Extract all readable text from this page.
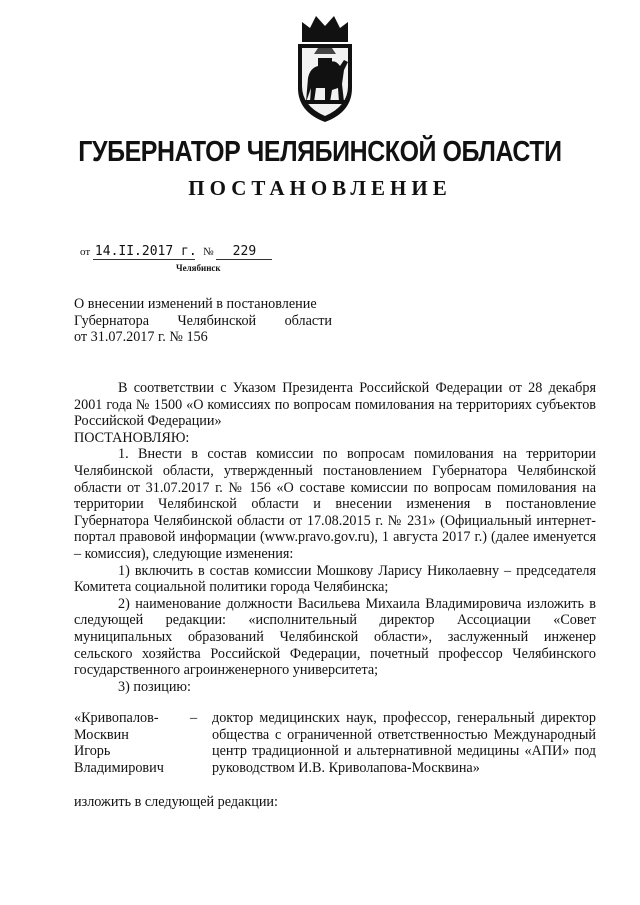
ГУБЕРНАТОР ЧЕЛЯБИНСКОЙ ОБЛАСТИ
ПОСТАНОВЛЕНИЕ
от 14.II.2017 г. № 229
Челябинск
О внесении изменений в постановление
Губернатора Челябинской области
от 31.07.2017 г. № 156

В соответствии с Указом Президента Российской Федерации от 28 декабря 2001 года № 1500 «О комиссиях по вопросам помилования на территориях субъектов Российской Федерации»

ПОСТАНОВЛЯЮ:

1. Внести в состав комиссии по вопросам помилования на территории Челябинской области, утвержденный постановлением Губернатора Челябинской области от 31.07.2017 г. № 156 «О составе комиссии по вопросам помилования на территории Челябинской области и внесении изменения в постановление Губернатора Челябинской области от 17.08.2015 г. № 231» (Официальный интернет-портал правовой информации (www.pravo.gov.ru), 1 августа 2017 г.) (далее именуется – комиссия), следующие изменения:

1) включить в состав комиссии Мошкову Ларису Николаевну – председателя Комитета социальной политики города Челябинска;

2) наименование должности Васильева Михаила Владимировича изложить в следующей редакции: «исполнительный директор Ассоциации «Совет муниципальных образований Челябинской области», заслуженный инженер сельского хозяйства Российской Федерации, почетный профессор Челябинского государственного агроинженерного университета;

3) позицию:

«Кривопалов-
Москвин
Игорь
Владимирович
– доктор медицинских наук, профессор, генеральный директор общества с ограниченной ответственностью Международный центр традиционной и альтернативной медицины «АПИ» под руководством И.В. Криволапова-Москвина»
изложить в следующей редакции:
